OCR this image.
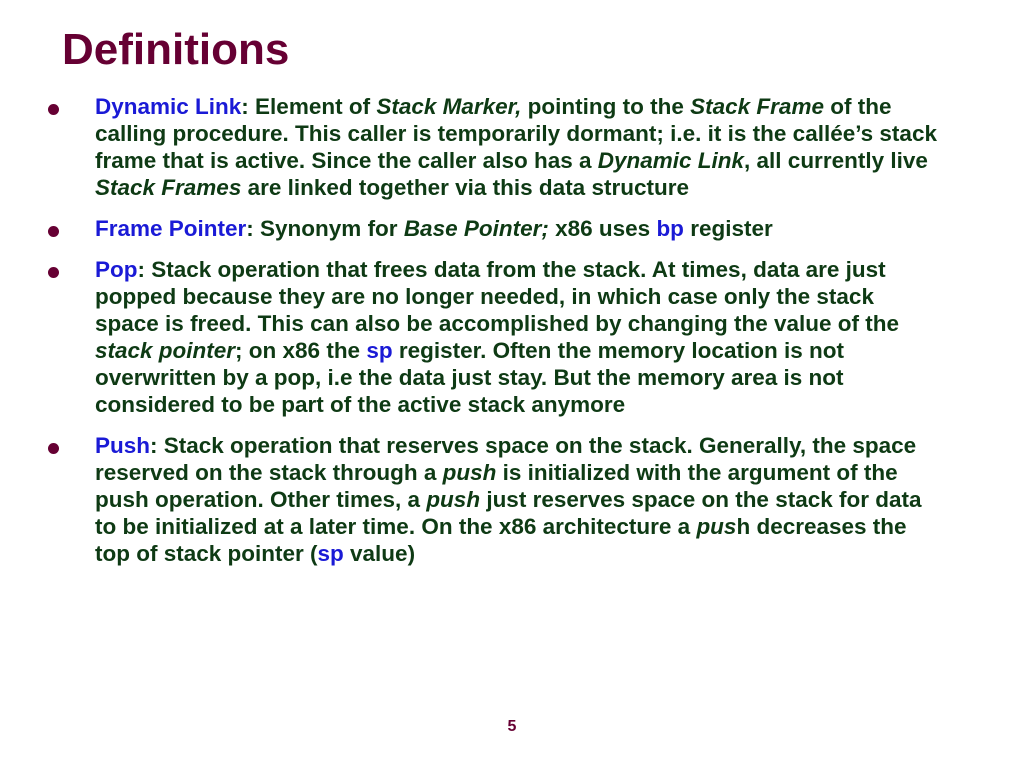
Definitions
Dynamic Link: Element of Stack Marker, pointing to the Stack Frame of the calling procedure. This caller is temporarily dormant; i.e. it is the callée’s stack frame that is active. Since the caller also has a Dynamic Link, all currently live Stack Frames are linked together via this data structure
Frame Pointer: Synonym for Base Pointer; x86 uses bp register
Pop: Stack operation that frees data from the stack. At times, data are just popped because they are no longer needed, in which case only the stack space is freed. This can also be accomplished by changing the value of the stack pointer; on x86 the sp register. Often the memory location is not overwritten by a pop, i.e the data just stay. But the memory area is not considered to be part of the active stack anymore
Push: Stack operation that reserves space on the stack. Generally, the space reserved on the stack through a push is initialized with the argument of the push operation. Other times, a push just reserves space on the stack for data to be initialized at a later time. On the x86 architecture a push decreases the top of stack pointer (sp value)
5
